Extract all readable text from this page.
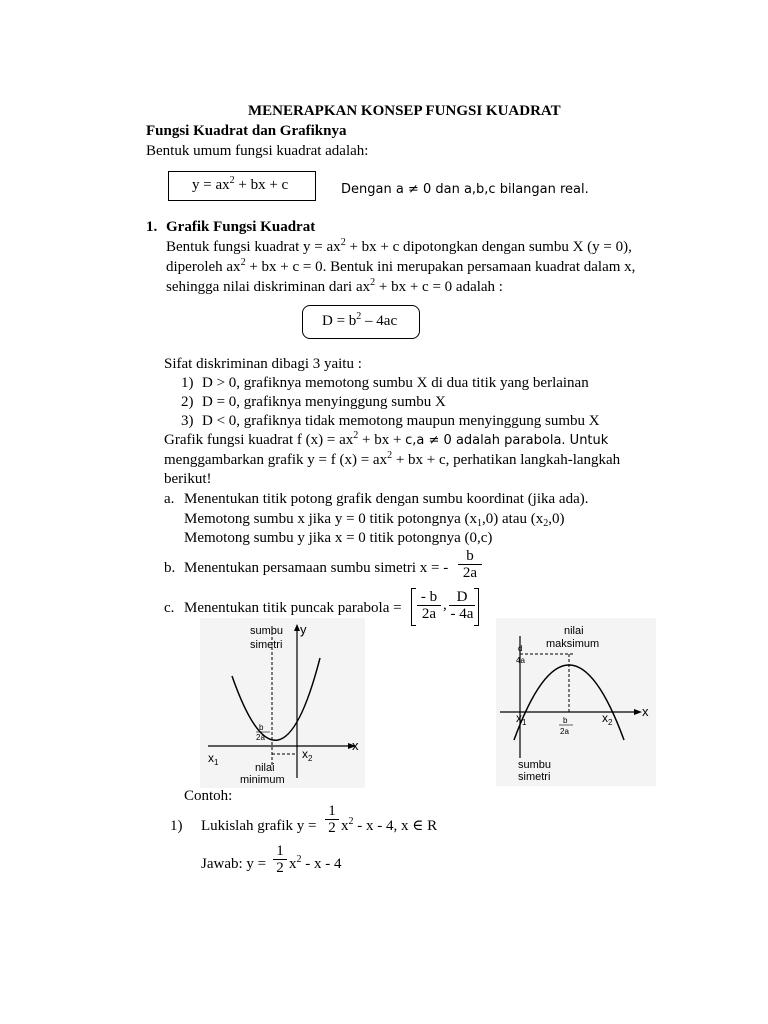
MENERAPKAN KONSEP FUNGSI KUADRAT
Fungsi Kuadrat dan Grafiknya
Bentuk umum fungsi kuadrat adalah:
$y = ax^2$ + bx + c	Dengan a ≠ 0 dan a,b,c bilangan real.
1. Grafik Fungsi Kuadrat
Bentuk fungsi kuadrat $y = ax^2$ + bx + c dipotongkan dengan sumbu X (y = 0),
diperoleh $ax^2$ + bx + c = 0. Bentuk ini merupakan persamaan kuadrat dalam x,
sehingga nilai diskriminan dari $ax^2$ + bx + c = 0 adalah :
$D = b^2 - 4ac$
Sifat diskriminan dibagi 3 yaitu :
1) D > 0, grafiknya memotong sumbu X di dua titik yang berlainan
2) D = 0, grafiknya menyinggung sumbu X
3) D < 0, grafiknya tidak memotong maupun menyinggung sumbu X
Grafik fungsi kuadrat f $(x) = ax^2$ + bx + c,a ≠ 0 adalah parabola. Untuk
menggambarkan grafik y = f $(x) = ax^2$ + bx + c, perhatikan langkah-langkah
berikut!
a. Menentukan titik potong grafik dengan sumbu koordinat (jika ada).
Memotong sumbu x jika y = 0 titik potongnya $(x_1,0)$ atau $(x_2,0)$
Memotong sumbu y jika x = 0 titik potongnya (0,c)
b. Menentukan persamaan sumbu simetri x = - $\frac{b}{2a}$
c. Menentukan titik puncak parabola = $\frac{- b}{2a}$ , $\frac{D}{- 4a}$
sumbu
simetri
y
x
$x_1$
$x_2$
b
2a
nilai
minimum
nilai
maksimum
d
4a
x
$x_1$	$x_2$
b
2a
sumbu
simetri
Contoh:
1) Lukislah grafik $y = \frac{1}{2} x^2 - x - 4$, x ∈ R
Jawab: $y = \frac{1}{2} x^2 - x - 4$
